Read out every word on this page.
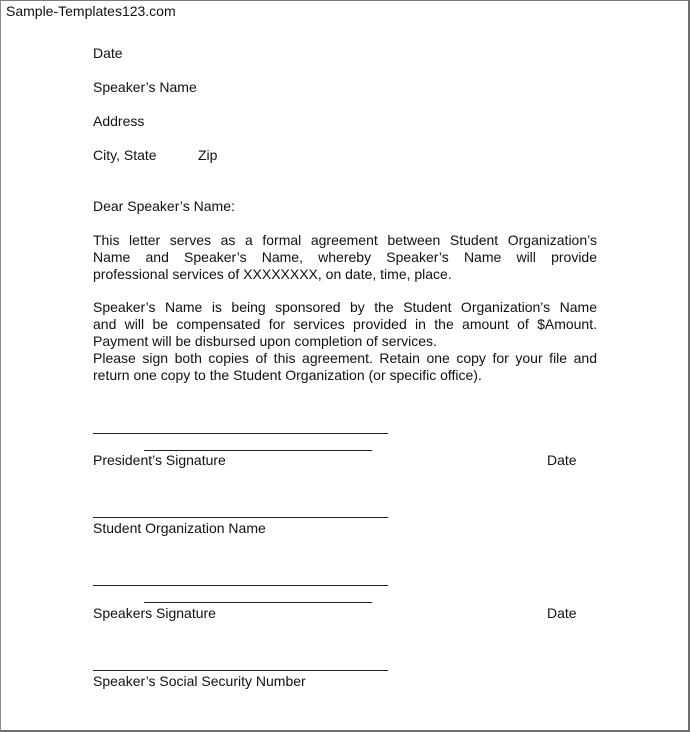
Sample-Templates123.com
Date
Speaker’s Name
Address
City, State	Zip
Dear Speaker’s Name:
This letter serves as a formal agreement between Student Organization’s
Name and Speaker’s Name, whereby Speaker’s Name will provide
professional services of XXXXXXXX, on date, time, place.
Speaker’s Name is being sponsored by the Student Organization’s Name
and will be compensated for services provided in the amount of $Amount.
Payment will be disbursed upon completion of services.
Please sign both copies of this agreement. Retain one copy for your file and
return one copy to the Student Organization (or specific office).
President’s Signature	Date
Student Organization Name
Speakers Signature	Date
Speaker’s Social Security Number
